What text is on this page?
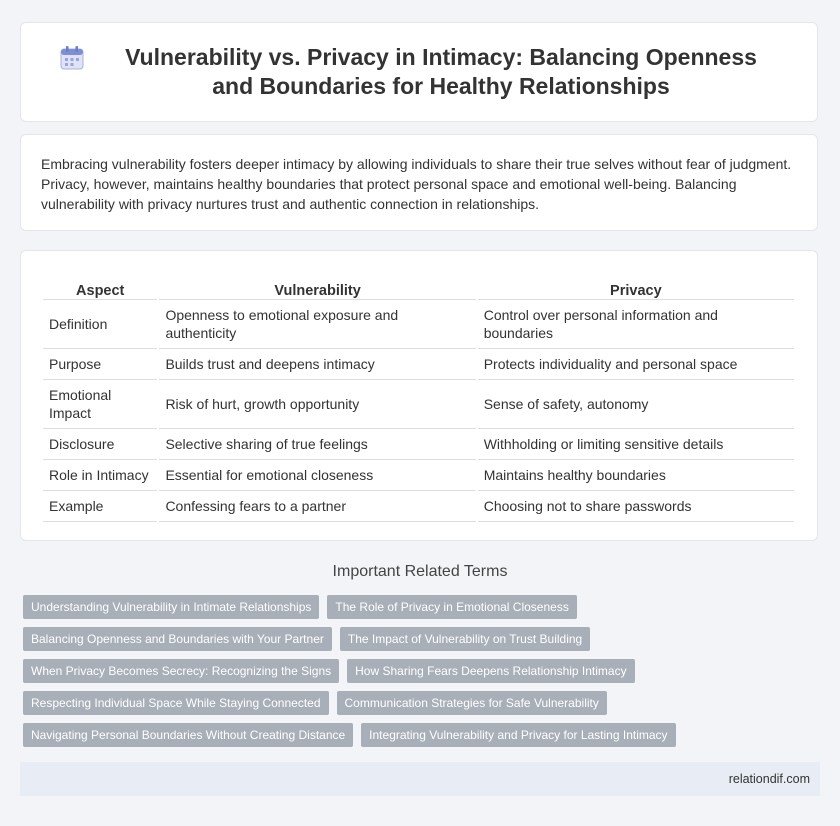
Vulnerability vs. Privacy in Intimacy: Balancing Openness and Boundaries for Healthy Relationships

Embracing vulnerability fosters deeper intimacy by allowing individuals to share their true selves without fear of judgment. Privacy, however, maintains healthy boundaries that protect personal space and emotional well-being. Balancing vulnerability with privacy nurtures trust and authentic connection in relationships.

Aspect	Vulnerability	Privacy
Definition	Openness to emotional exposure and authenticity	Control over personal information and boundaries
Purpose	Builds trust and deepens intimacy	Protects individuality and personal space
Emotional Impact	Risk of hurt, growth opportunity	Sense of safety, autonomy
Disclosure	Selective sharing of true feelings	Withholding or limiting sensitive details
Role in Intimacy	Essential for emotional closeness	Maintains healthy boundaries
Example	Confessing fears to a partner	Choosing not to share passwords
Important Related Terms
Understanding Vulnerability in Intimate Relationships	The Role of Privacy in Emotional Closeness
Balancing Openness and Boundaries with Your Partner	The Impact of Vulnerability on Trust Building
When Privacy Becomes Secrecy: Recognizing the Signs	How Sharing Fears Deepens Relationship Intimacy
Respecting Individual Space While Staying Connected	Communication Strategies for Safe Vulnerability
Navigating Personal Boundaries Without Creating Distance	Integrating Vulnerability and Privacy for Lasting Intimacy
relationdif.com
